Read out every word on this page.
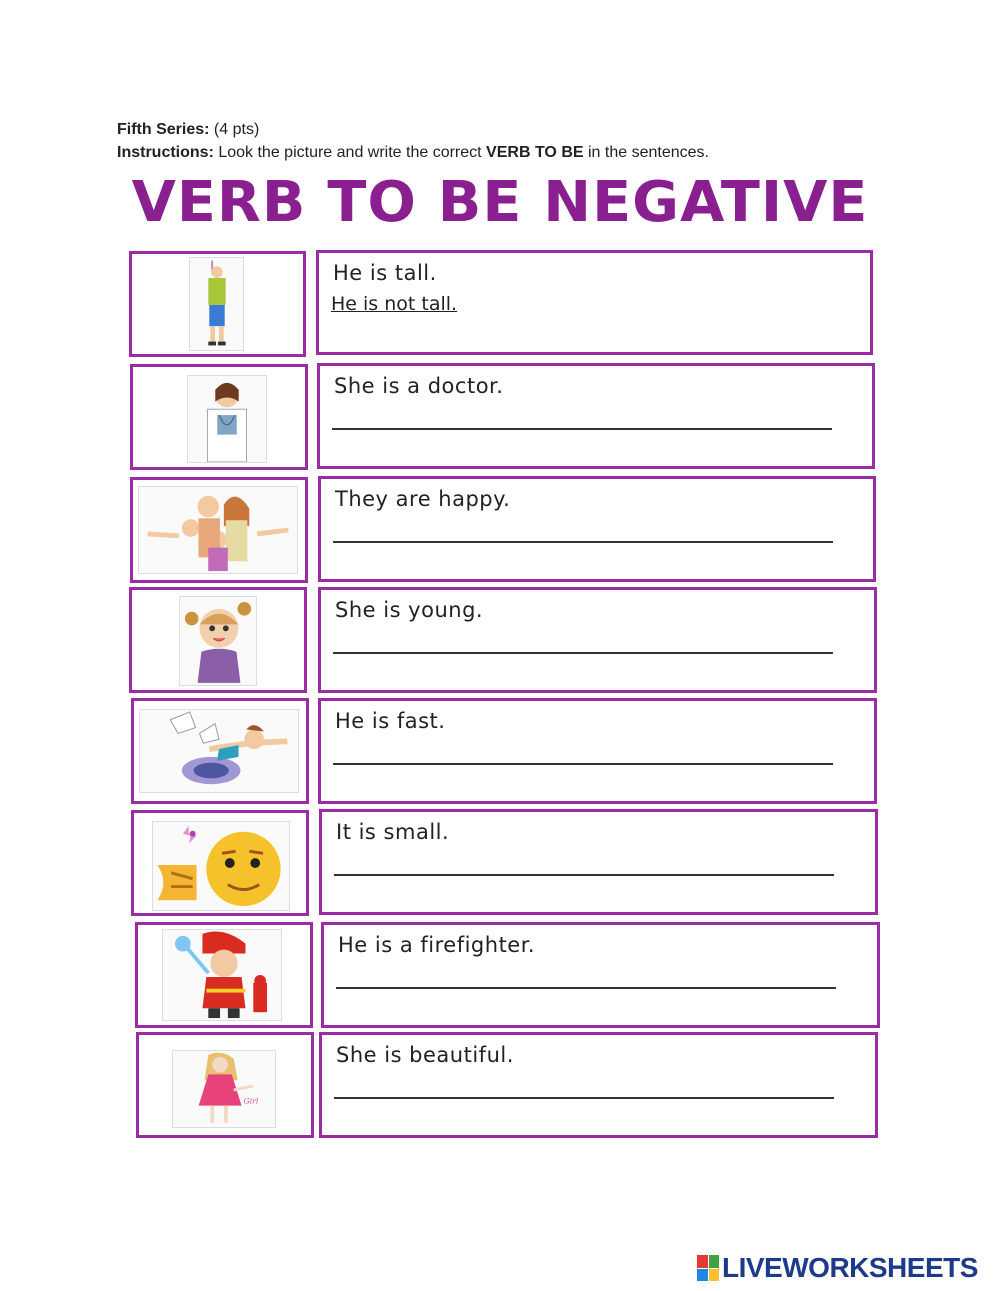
Fifth Series: (4 pts)
Instructions: Look the picture and write the correct VERB TO BE in the sentences.
VERB TO BE NEGATIVE
He is tall.
He is not tall.
She is a doctor.
They are happy.
She is young.
He is fast.
It is small.
He is a firefighter.
Girl
She is beautiful.
LIVEWORKSHEETS
